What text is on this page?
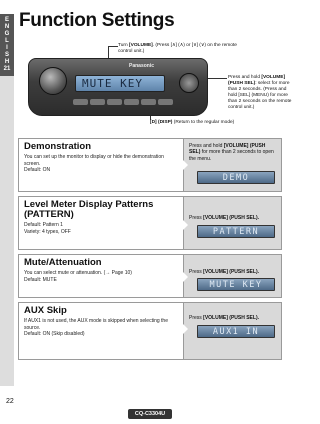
E N G L I S H
21
Function Settings
Turn [VOLUME]. (Press [∧] (∧) or [∨] (∨) on the remote control unit.)
Press and hold [VOLUME] (PUSH SEL): select for more than 2 seconds. (Press and hold [SEL] (MENU) for more than 2 seconds on the remote control unit.)
[D] (DISP) (Return to the regular mode)
Panasonic
MUTE KEY
Demonstration
You can set up the monitor to display or hide the demonstration screen.
Default: ON
Press and hold [VOLUME] (PUSH SEL) for more than 2 seconds to open the menu.
DEMO
Level Meter Display Patterns (PATTERN)
Default: Pattern 1
Variety: 4 types, OFF
Press [VOLUME] (PUSH SEL).
PATTERN
Mute/Attenuation
You can select mute or attenuation. (→ Page 10)
Default: MUTE
Press [VOLUME] (PUSH SEL).
MUTE KEY
AUX Skip
If AUX1 is not used, the AUX mode is skipped when selecting the source.
Default: ON (Skip disabled)
Press [VOLUME] (PUSH SEL).
AUX1 IN
22
CQ-C3304U
